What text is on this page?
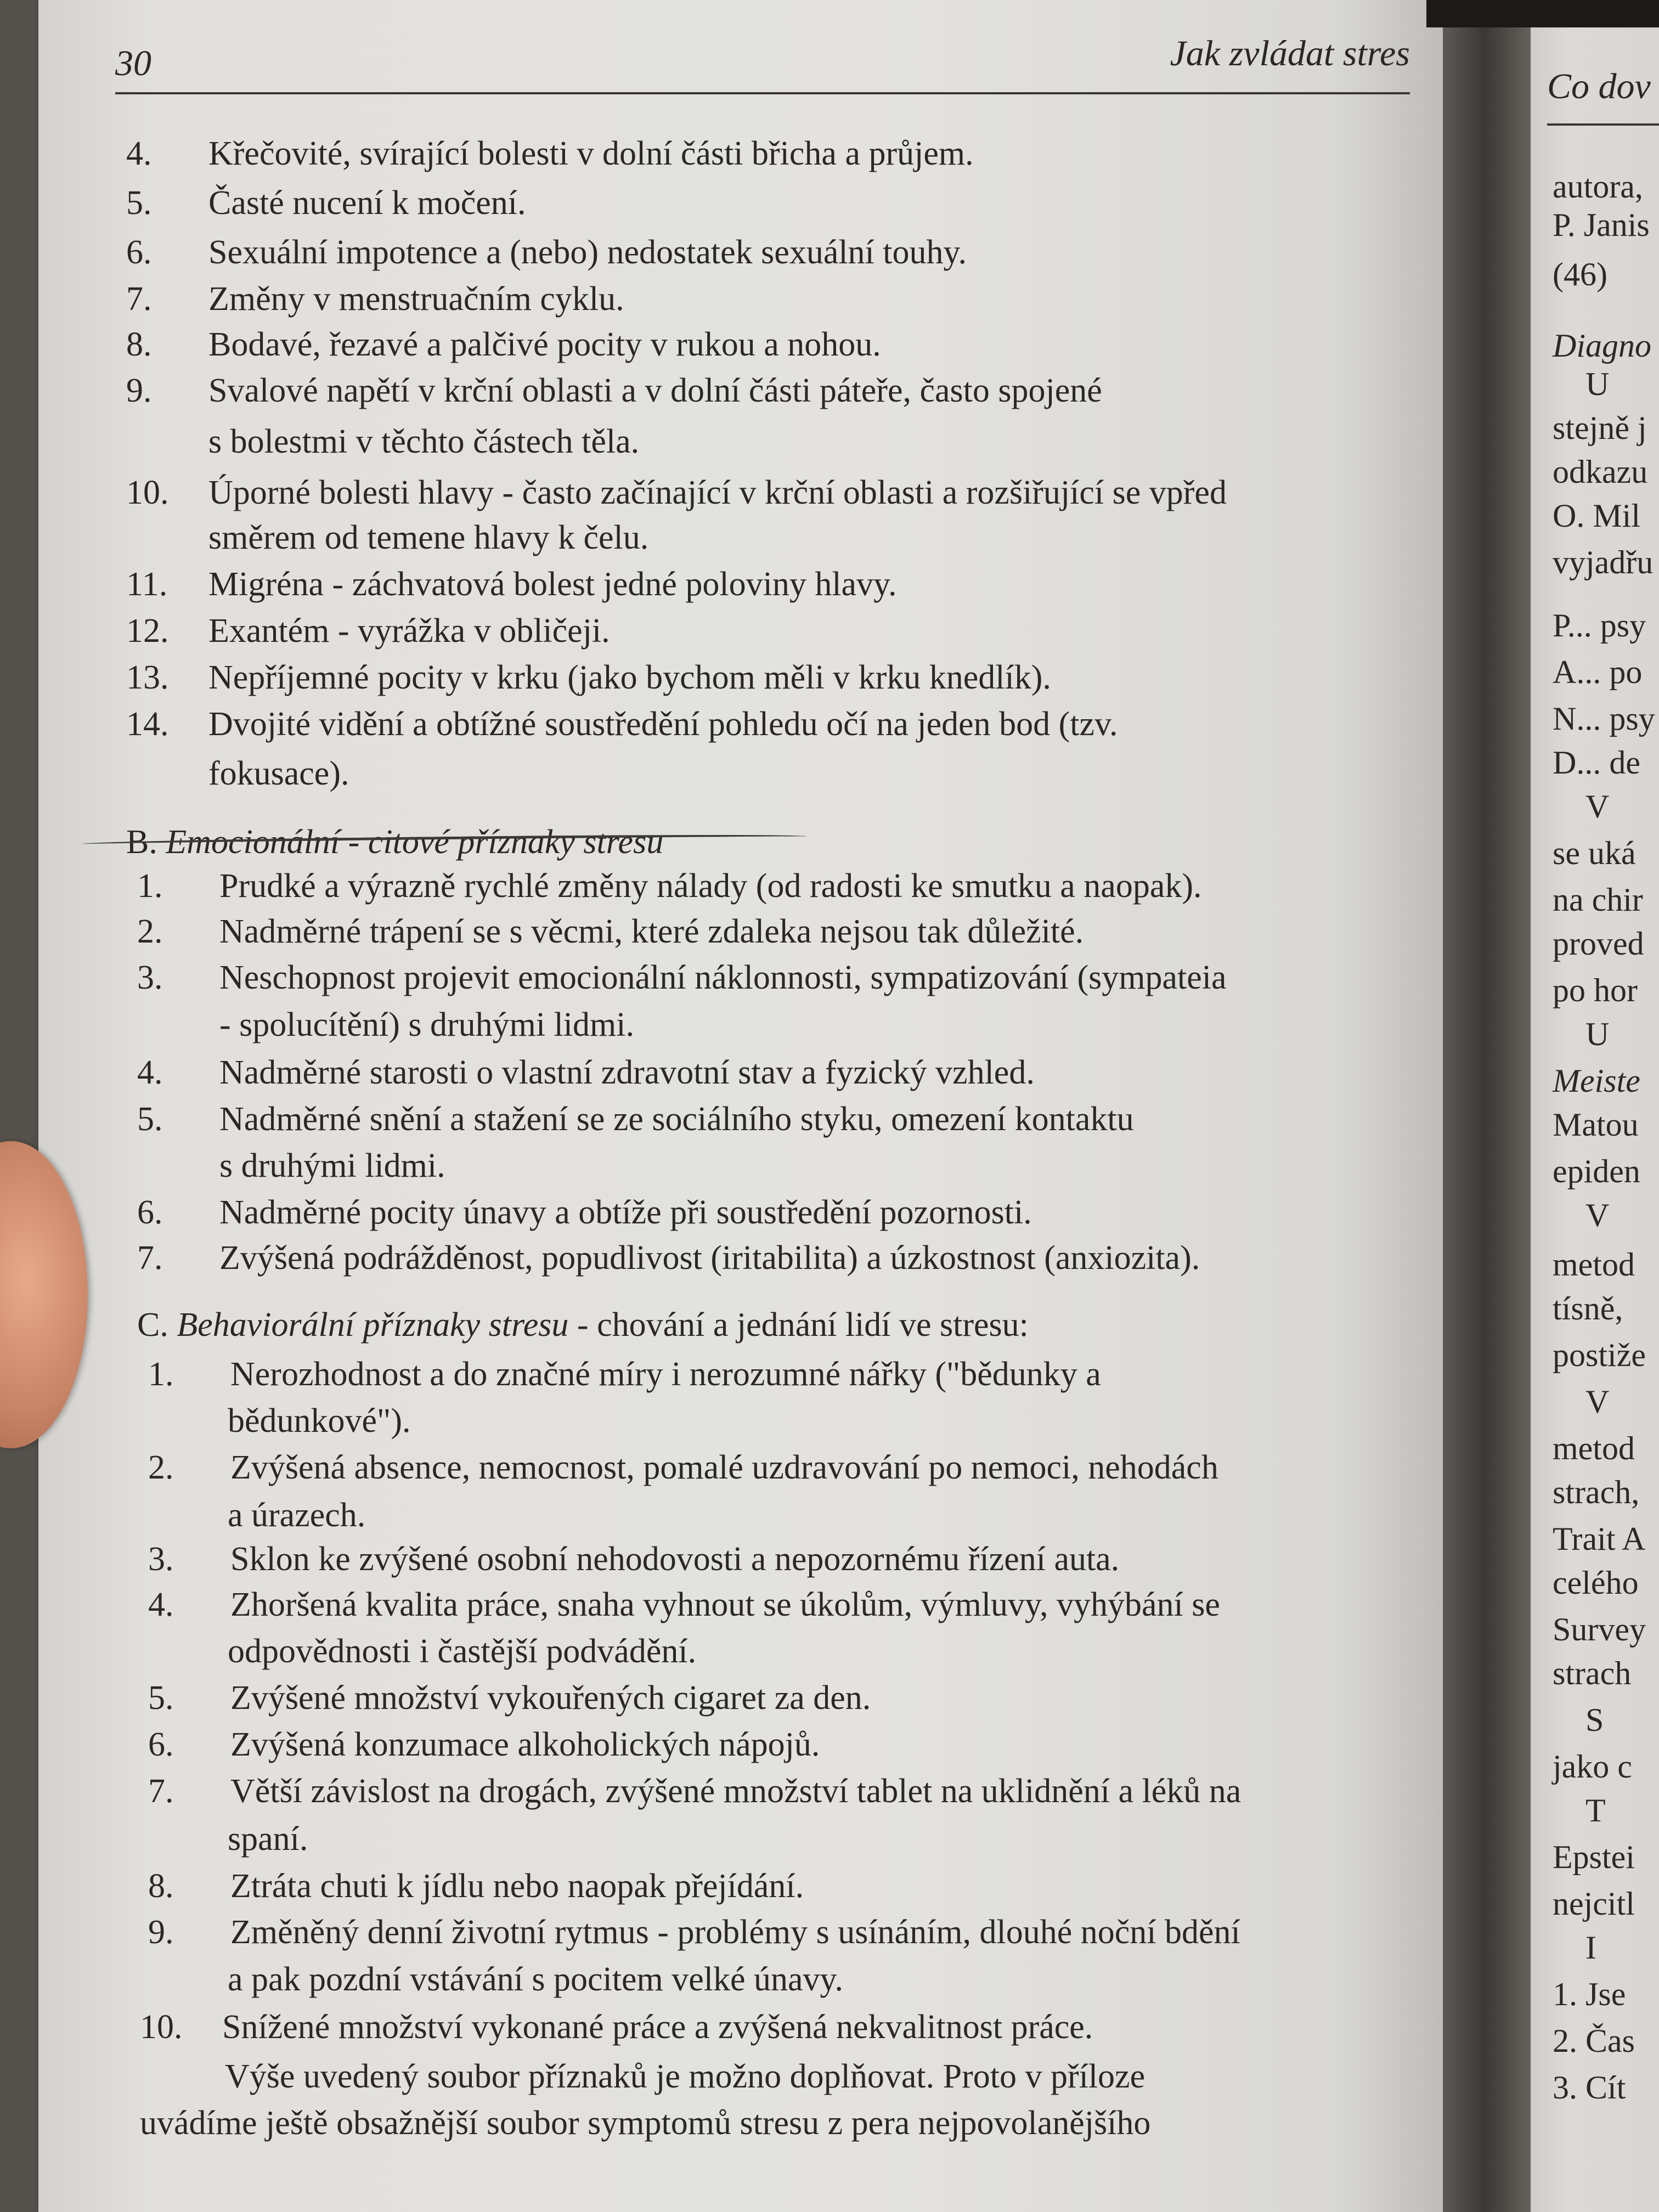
30	Jak zvládat stres
4.	Křečovité, svírající bolesti v dolní části břicha a průjem.
5.	Časté nucení k močení.
6.	Sexuální impotence a (nebo) nedostatek sexuální touhy.
7.	Změny v menstruačním cyklu.
8.	Bodavé, řezavé a palčivé pocity v rukou a nohou.
9.	Svalové napětí v krční oblasti a v dolní části páteře, často spojené
s bolestmi v těchto částech těla.
10.	Úporné bolesti hlavy - často začínající v krční oblasti a rozšiřující se vpřed
směrem od temene hlavy k čelu.
11.	Migréna - záchvatová bolest jedné poloviny hlavy.
12.	Exantém - vyrážka v obličeji.
13.	Nepříjemné pocity v krku (jako bychom měli v krku knedlík).
14.	Dvojité vidění a obtížné soustředění pohledu očí na jeden bod (tzv.
fokusace).
B. Emocionální - citové příznaky stresu
1.	Prudké a výrazně rychlé změny nálady (od radosti ke smutku a naopak).
2.	Nadměrné trápení se s věcmi, které zdaleka nejsou tak důležité.
3.	Neschopnost projevit emocionální náklonnosti, sympatizování (sympateia
- spolucítění) s druhými lidmi.
4.	Nadměrné starosti o vlastní zdravotní stav a fyzický vzhled.
5.	Nadměrné snění a stažení se ze sociálního styku, omezení kontaktu
s druhými lidmi.
6.	Nadměrné pocity únavy a obtíže při soustředění pozornosti.
7.	Zvýšená podrážděnost, popudlivost (iritabilita) a úzkostnost (anxiozita).
C. Behaviorální příznaky stresu - chování a jednání lidí ve stresu:
1.	Nerozhodnost a do značné míry i nerozumné nářky ("bědunky a
bědunkové").
2.	Zvýšená absence, nemocnost, pomalé uzdravování po nemoci, nehodách
a úrazech.
3.	Sklon ke zvýšené osobní nehodovosti a nepozornému řízení auta.
4.	Zhoršená kvalita práce, snaha vyhnout se úkolům, výmluvy, vyhýbání se
odpovědnosti i častější podvádění.
5.	Zvýšené množství vykouřených cigaret za den.
6.	Zvýšená konzumace alkoholických nápojů.
7.	Větší závislost na drogách, zvýšené množství tablet na uklidnění a léků na
spaní.
8.	Ztráta chuti k jídlu nebo naopak přejídání.
9.	Změněný denní životní rytmus - problémy s usínáním, dlouhé noční bdění
a pak pozdní vstávání s pocitem velké únavy.
10.	Snížené množství vykonané práce a zvýšená nekvalitnost práce.
Výše uvedený soubor příznaků je možno doplňovat. Proto v příloze
uvádíme ještě obsažnější soubor symptomů stresu z pera nejpovolanějšího
Co dov
autora,
P. Janis
(46)
Diagno
U
stejně j
odkazu
O. Mil
vyjadřu
P... psy
A... po
N... psy
D... de
V
se uká
na chir
proved
po hor
U
Meiste
Matou
epiden
V
metod
tísně,
postiže
V
metod
strach,
Trait A
celého
Survey
strach
S
jako c
T
Epstei
nejcitl
I
1. Jse
2. Čas
3. Cít
